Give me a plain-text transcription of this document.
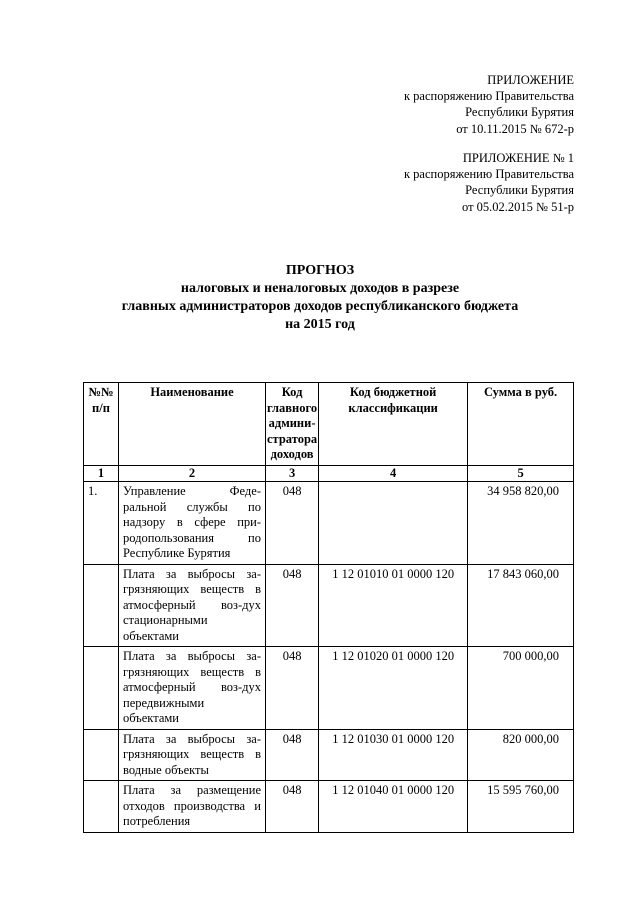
ПРИЛОЖЕНИЕ
к распоряжению Правительства
Республики Бурятия
от 10.11.2015 № 672-р
ПРИЛОЖЕНИЕ № 1
к распоряжению Правительства
Республики Бурятия
от 05.02.2015 № 51-р
ПРОГНОЗ
налоговых и неналоговых доходов в разрезе
главных администраторов доходов республиканского бюджета
на 2015 год
№№ п/п	Наименование	Код главного админи-стратора доходов	Код бюджетной классификации	Сумма в руб.
1	2	3	4	5
1.	Управление Феде-ральной службы по надзору в сфере при-родопользования по Республике Бурятия	048		34 958 820,00
	Плата за выбросы за-грязняющих веществ в атмосферный воз-дух стационарными объектами	048	1 12 01010 01 0000 120	17 843 060,00
	Плата за выбросы за-грязняющих веществ в атмосферный воз-дух передвижными объектами	048	1 12 01020 01 0000 120	700 000,00
	Плата за выбросы за-грязняющих веществ в водные объекты	048	1 12 01030 01 0000 120	820 000,00
	Плата за размещение отходов производства и потребления	048	1 12 01040 01 0000 120	15 595 760,00
